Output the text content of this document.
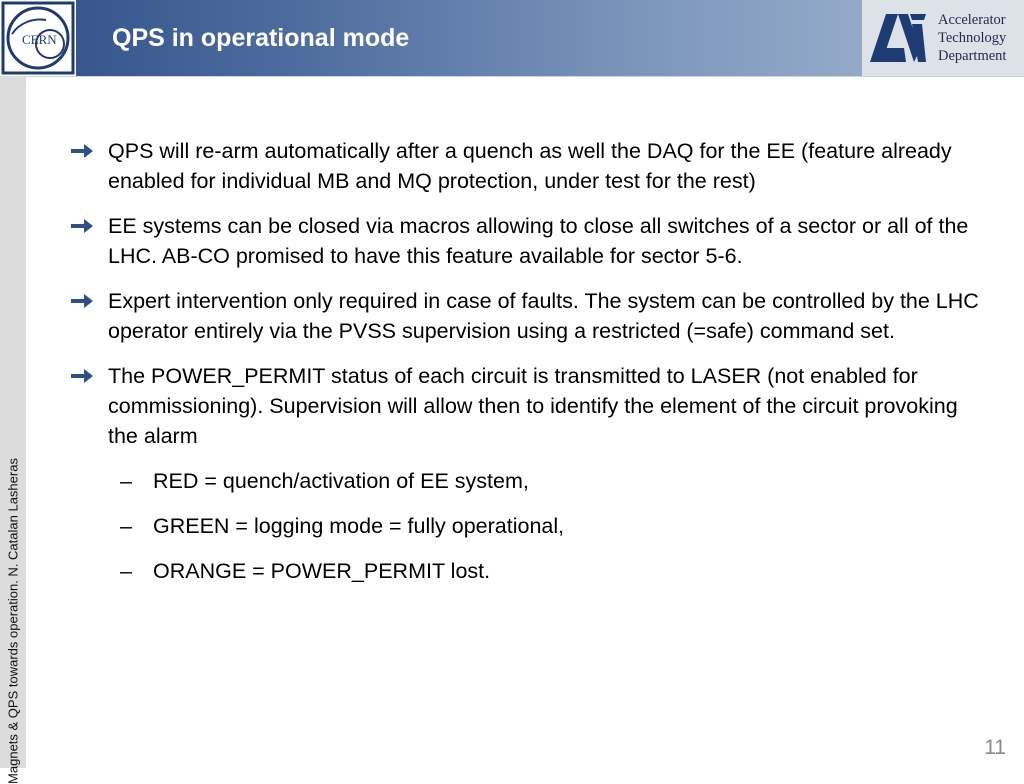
CERN QPS in operational mode
Accelerator
Technology
Department
Magnets & QPS towards operation. N. Catalan Lasheras
QPS will re-arm automatically after a quench as well the DAQ for the EE (feature already enabled for individual MB and MQ protection, under test for the rest)
EE systems can be closed via macros allowing to close all switches of a sector or all of the LHC. AB-CO promised to have this feature available for sector 5-6.
Expert intervention only required in case of faults. The system can be controlled by the LHC operator entirely via the PVSS supervision using a restricted (=safe) command set.
The POWER_PERMIT status of each circuit is transmitted to LASER (not enabled for commissioning). Supervision will allow then to identify the element of the circuit provoking the alarm
– RED = quench/activation of EE system,
– GREEN = logging mode = fully operational,
– ORANGE = POWER_PERMIT lost.
11
